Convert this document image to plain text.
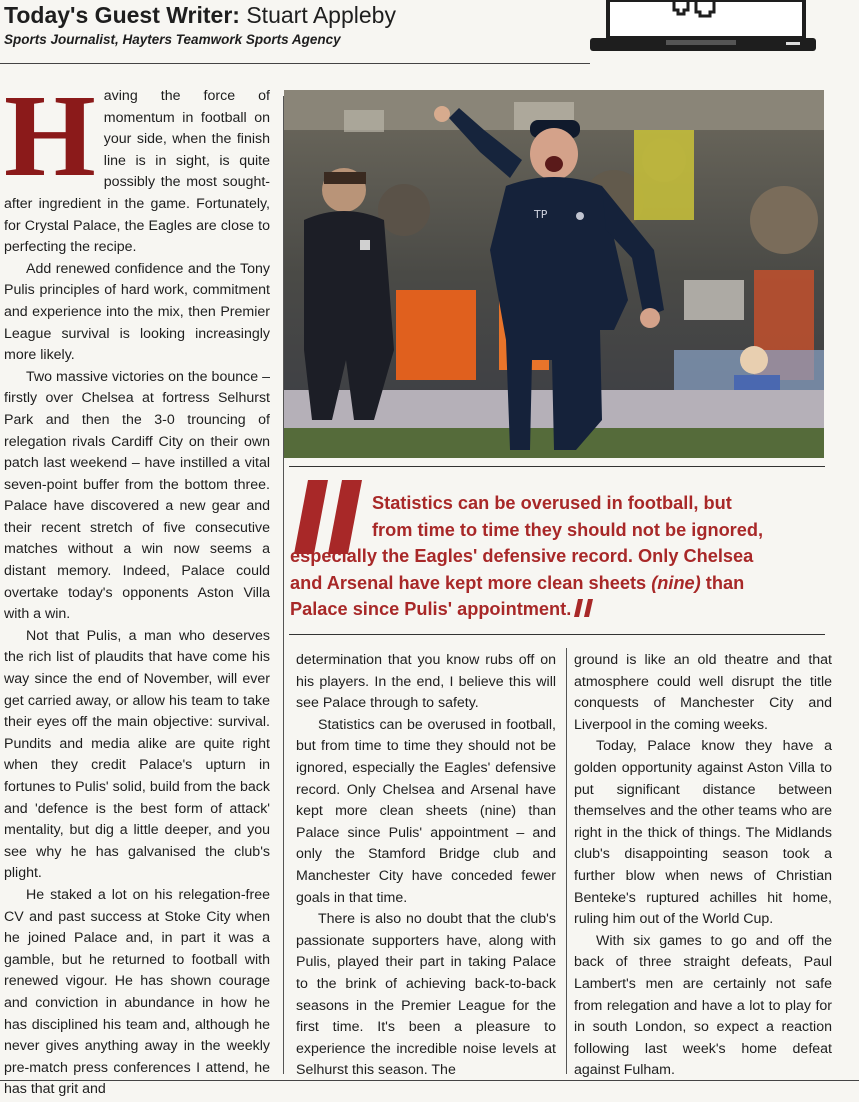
Today's Guest Writer: Stuart Appleby
Sports Journalist, Hayters Teamwork Sports Agency
H aving the force of momentum in football on your side, when the finish line is in sight, is quite possibly the most sought-after ingredient in the game. Fortunately, for Crystal Palace, the Eagles are close to perfecting the recipe.

Add renewed confidence and the Tony Pulis principles of hard work, commitment and experience into the mix, then Premier League survival is looking increasingly more likely.

Two massive victories on the bounce – firstly over Chelsea at fortress Selhurst Park and then the 3-0 trouncing of relegation rivals Cardiff City on their own patch last weekend – have instilled a vital seven-point buffer from the bottom three. Palace have discovered a new gear and their recent stretch of five consecutive matches without a win now seems a distant memory. Indeed, Palace could overtake today's opponents Aston Villa with a win.

Not that Pulis, a man who deserves the rich list of plaudits that have come his way since the end of November, will ever get carried away, or allow his team to take their eyes off the main objective: survival. Pundits and media alike are quite right when they credit Palace's upturn in fortunes to Pulis' solid, build from the back and 'defence is the best form of attack' mentality, but dig a little deeper, and you see why he has galvanised the club's plight.

He staked a lot on his relegation-free CV and past success at Stoke City when he joined Palace and, in part it was a gamble, but he returned to football with renewed vigour. He has shown courage and conviction in abundance in how he has disciplined his team and, although he never gives anything away in the weekly pre-match press conferences I attend, he has that grit and

TP
Statistics can be overused in football, but
from time to time they should not be ignored,
especially the Eagles' defensive record. Only Chelsea
and Arsenal have kept more clean sheets (nine) than
Palace since Pulis' appointment.

determination that you know rubs off on his players. In the end, I believe this will see Palace through to safety.

Statistics can be overused in football, but from time to time they should not be ignored, especially the Eagles' defensive record. Only Chelsea and Arsenal have kept more clean sheets (nine) than Palace since Pulis' appointment – and only the Stamford Bridge club and Manchester City have conceded fewer goals in that time.

There is also no doubt that the club's passionate supporters have, along with Pulis, played their part in taking Palace to the brink of achieving back-to-back seasons in the Premier League for the first time. It's been a pleasure to experience the incredible noise levels at Selhurst this season. The

ground is like an old theatre and that atmosphere could well disrupt the title conquests of Manchester City and Liverpool in the coming weeks.

Today, Palace know they have a golden opportunity against Aston Villa to put significant distance between themselves and the other teams who are right in the thick of things. The Midlands club's disappointing season took a further blow when news of Christian Benteke's ruptured achilles hit home, ruling him out of the World Cup.

With six games to go and off the back of three straight defeats, Paul Lambert's men are certainly not safe from relegation and have a lot to play for in south London, so expect a reaction following last week's home defeat against Fulham.
